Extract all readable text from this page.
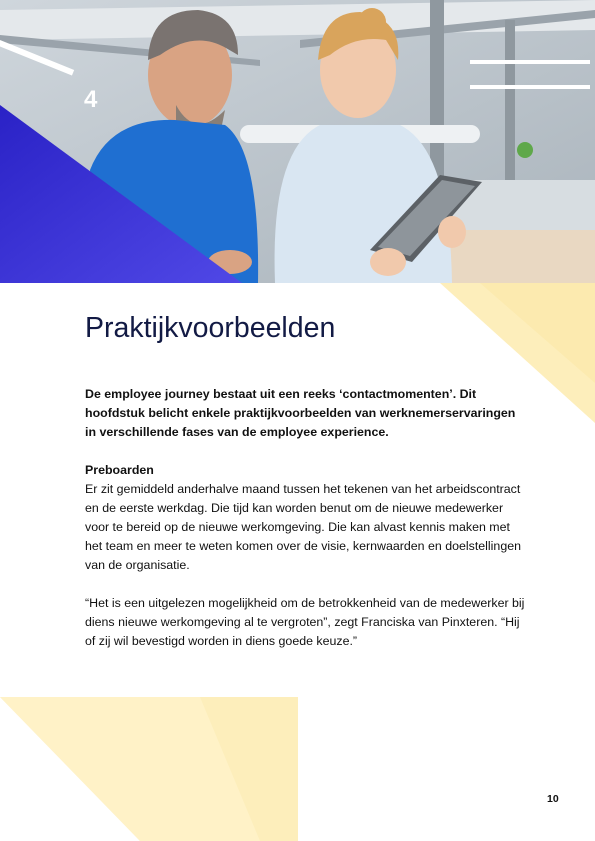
4
Praktijkvoorbeelden

De employee journey bestaat uit een reeks ‘contactmomenten’. Dit hoofdstuk belicht enkele praktijkvoorbeelden van werknemerservaringen in verschillende fases van de employee experience.

Preboarden

Er zit gemiddeld anderhalve maand tussen het tekenen van het arbeidscontract en de eerste werkdag. Die tijd kan worden benut om de nieuwe medewerker voor te bereid op de nieuwe werkomgeving. Die kan alvast kennis maken met het team en meer te weten komen over de visie, kernwaarden en doelstellingen van de organisatie.

“Het is een uitgelezen mogelijkheid om de betrokkenheid van de medewerker bij diens nieuwe werkomgeving al te vergroten”, zegt Franciska van Pinxteren. “Hij of zij wil bevestigd worden in diens goede keuze.”

10
